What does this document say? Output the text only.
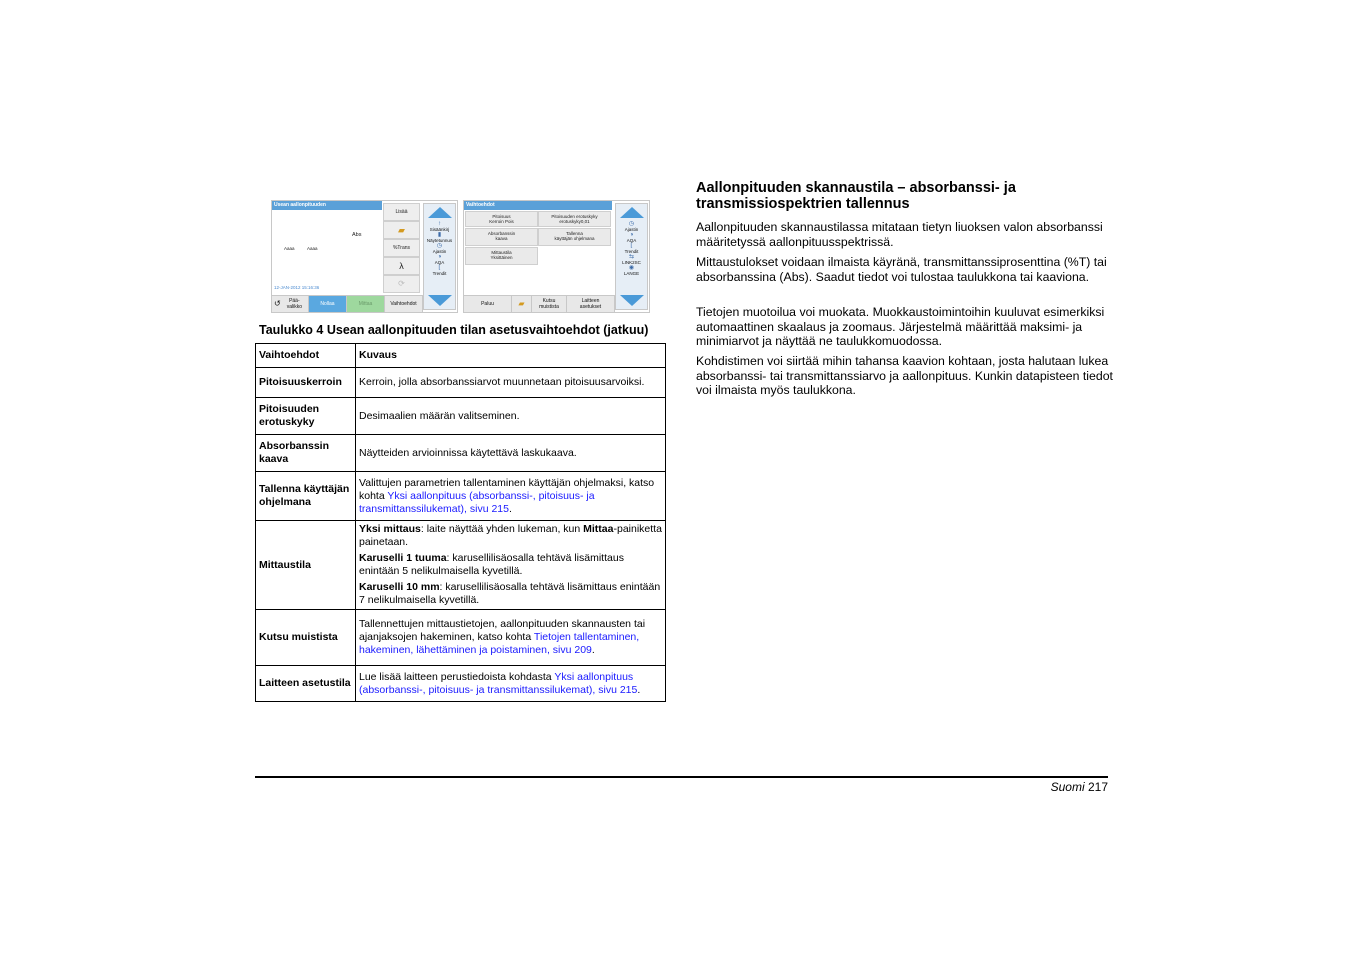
Usean aallonpituuden
Abs
Aaaa	Aaaa
12-JAN-2012 15:16:36
Lisää
▰
%Trans
λ
⟳
↑
Sisäänkirj
▮
Näytetunnus
◷
Ajastin
◑
AQA
⌊
Trendit
↺ Pää-
valikko	Nollaa	Mittaa	Vaihtoehdot
Vaihtoehdot
Pitoisuus
Kerroin Pois
Pitoisuuden erotuskyky
erotuskyky0,01
Absorbanssin
kaava
Tallenna
käyttäjän ohjelmana
Mittaustila
Yksittäinen
◷
Ajastin
◑
AQA
⌊
Trendit
⇆
LINK2SC
◉
LANGE
Paluu	▰	Kutsu
muistista
Laitteen
asetukset
Taulukko 4 Usean aallonpituuden tilan asetusvaihtoehdot (jatkuu)
Vaihtoehdot	Kuvaus
Pitoisuuskerroin	Kerroin, jolla absorbanssiarvot muunnetaan pitoisuusarvoiksi.
Pitoisuuden erotuskyky	Desimaalien määrän valitseminen.
Absorbanssin kaava	Näytteiden arvioinnissa käytettävä laskukaava.
Tallenna käyttäjän ohjelmana	Valittujen parametrien tallentaminen käyttäjän ohjelmaksi, katso kohta Yksi aallonpituus (absorbanssi-, pitoisuus- ja transmittanssilukemat), sivu 215.
Mittaustila	Yksi mittaus: laite näyttää yhden lukeman, kun Mittaa-painiketta painetaan.

Karuselli 1 tuuma: karusellilisäosalla tehtävä lisämittaus enintään 5 nelikulmaisella kyvetillä.

Karuselli 10 mm: karusellilisäosalla tehtävä lisämittaus enintään 7 nelikulmaisella kyvetillä.

Kutsu muistista	Tallennettujen mittaustietojen, aallonpituuden skannausten tai ajanjaksojen hakeminen, katso kohta Tietojen tallentaminen, hakeminen, lähettäminen ja poistaminen, sivu 209.
Laitteen asetustila	Lue lisää laitteen perustiedoista kohdasta Yksi aallonpituus (absorbanssi-, pitoisuus- ja transmittanssilukemat), sivu 215.
Aallonpituuden skannaustila – absorbanssi- ja transmissiospektrien tallennus

Aallonpituuden skannaustilassa mitataan tietyn liuoksen valon absorbanssi määritetyssä aallonpituusspektrissä.

Mittaustulokset voidaan ilmaista käyränä, transmittanssiprosenttina (%T) tai absorbanssina (Abs). Saadut tiedot voi tulostaa taulukkona tai kaaviona.

Tietojen muotoilua voi muokata. Muokkaustoimintoihin kuuluvat esimerkiksi automaattinen skaalaus ja zoomaus. Järjestelmä määrittää maksimi- ja minimiarvot ja näyttää ne taulukkomuodossa.

Kohdistimen voi siirtää mihin tahansa kaavion kohtaan, josta halutaan lukea absorbanssi- tai transmittanssiarvo ja aallonpituus. Kunkin datapisteen tiedot voi ilmaista myös taulukkona.

Suomi 217
